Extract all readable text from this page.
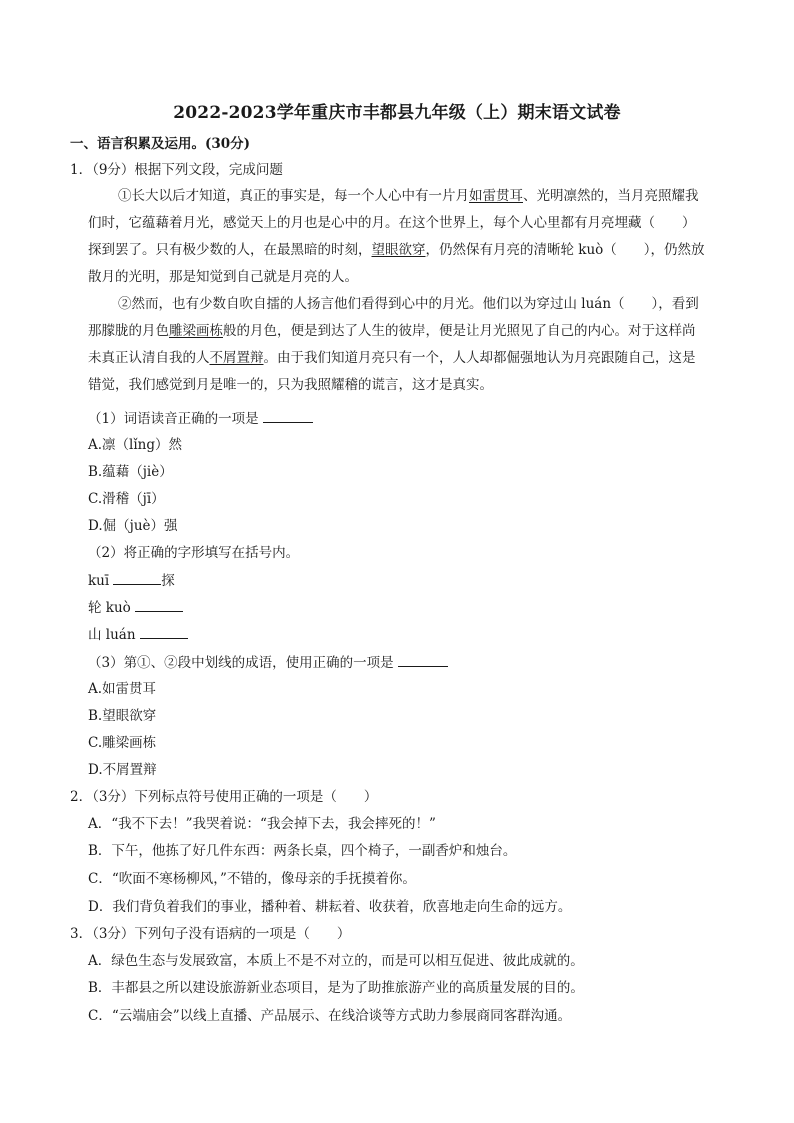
2022-2023学年重庆市丰都县九年级（上）期末语文试卷
一、语言积累及运用。(30分)
1．（9分）根据下列文段，完成问题
①长大以后才知道，真正的事实是，每一个人心中有一片月如雷贯耳、光明凛然的，当月亮照耀我
们时，它蕴藉着月光，感觉天上的月也是心中的月。在这个世界上，每个人心里都有月亮埋藏（　　）
探到罢了。只有极少数的人，在最黑暗的时刻，望眼欲穿，仍然保有月亮的清晰轮 kuò（　　），仍然放
散月的光明，那是知觉到自己就是月亮的人。
②然而，也有少数自吹自擂的人扬言他们看得到心中的月光。他们以为穿过山 luán（　　），看到
那朦胧的月色雕梁画栋般的月色，便是到达了人生的彼岸，便是让月光照见了自己的内心。对于这样尚
未真正认清自我的人不屑置辩。由于我们知道月亮只有一个，人人却都倔强地认为月亮跟随自己，这是
错觉，我们感觉到月是唯一的，只为我照耀稽的谎言，这才是真实。
（1）词语读音正确的一项是
A.凛（lǐng）然
B.蕴藉（jiè）
C.滑稽（jī）
D.倔（juè）强
（2）将正确的字形填写在括号内。
kuī	探
轮 kuò
山 luán
（3）第①、②段中划线的成语，使用正确的一项是
A.如雷贯耳
B.望眼欲穿
C.雕梁画栋
D.不屑置辩
2．（3分）下列标点符号使用正确的一项是（　　）
A．“我不下去！”我哭着说：“我会掉下去，我会摔死的！”
B．下午，他拣了好几件东西：两条长桌，四个椅子，一副香炉和烛台。
C．“吹面不寒杨柳风，”不错的，像母亲的手抚摸着你。
D．我们背负着我们的事业，播种着、耕耘着、收获着，欣喜地走向生命的远方。
3．（3分）下列句子没有语病的一项是（　　）
A．绿色生态与发展致富，本质上不是不对立的，而是可以相互促进、彼此成就的。
B．丰都县之所以建设旅游新业态项目，是为了助推旅游产业的高质量发展的目的。
C．“云端庙会”以线上直播、产品展示、在线洽谈等方式助力参展商同客群沟通。
